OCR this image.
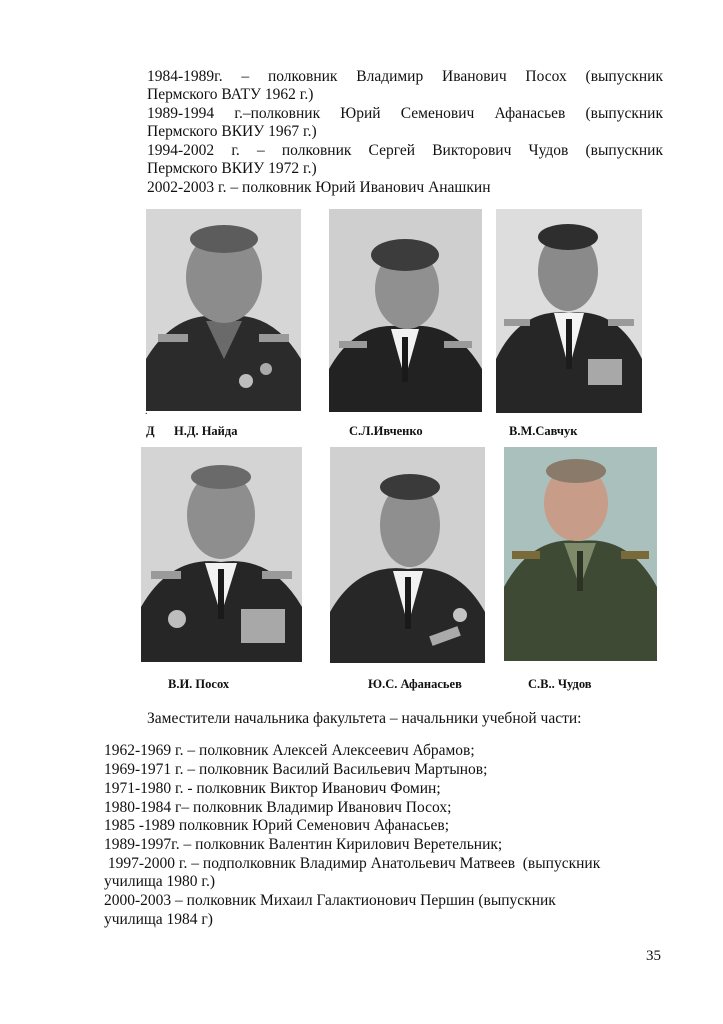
1984-1989г. – полковник Владимир Иванович Посох (выпускник
Пермского ВАТУ 1962 г.)
1989-1994 г.–полковник Юрий Семенович Афанасьев (выпускник
Пермского ВКИУ 1967 г.)
1994-2002 г. – полковник Сергей Викторович Чудов (выпускник
Пермского ВКИУ 1972 г.)
2002-2003 г. – полковник Юрий Иванович Анашкин
.
Д Н.Д. Найда	С.Л.Ивченко	В.М.Савчук
В.И. Посох	Ю.С. Афанасьев	С.В.. Чудов
Заместители начальника факультета – начальники учебной части:
1962-1969 г. – полковник Алексей Алексеевич Абрамов;
1969-1971 г. – полковник Василий Васильевич Мартынов;
1971-1980 г. - полковник Виктор Иванович Фомин;
1980-1984 г– полковник Владимир Иванович Посох;
1985 -1989 полковник Юрий Семенович Афанасьев;
1989-1997г. – полковник Валентин Кирилович Веретельник;
1997-2000 г. – подполковник Владимир Анатольевич Матвеев  (выпускник
училища 1980 г.)
2000-2003 – полковник Михаил Галактионович Першин (выпускник
училища 1984 г)
35
